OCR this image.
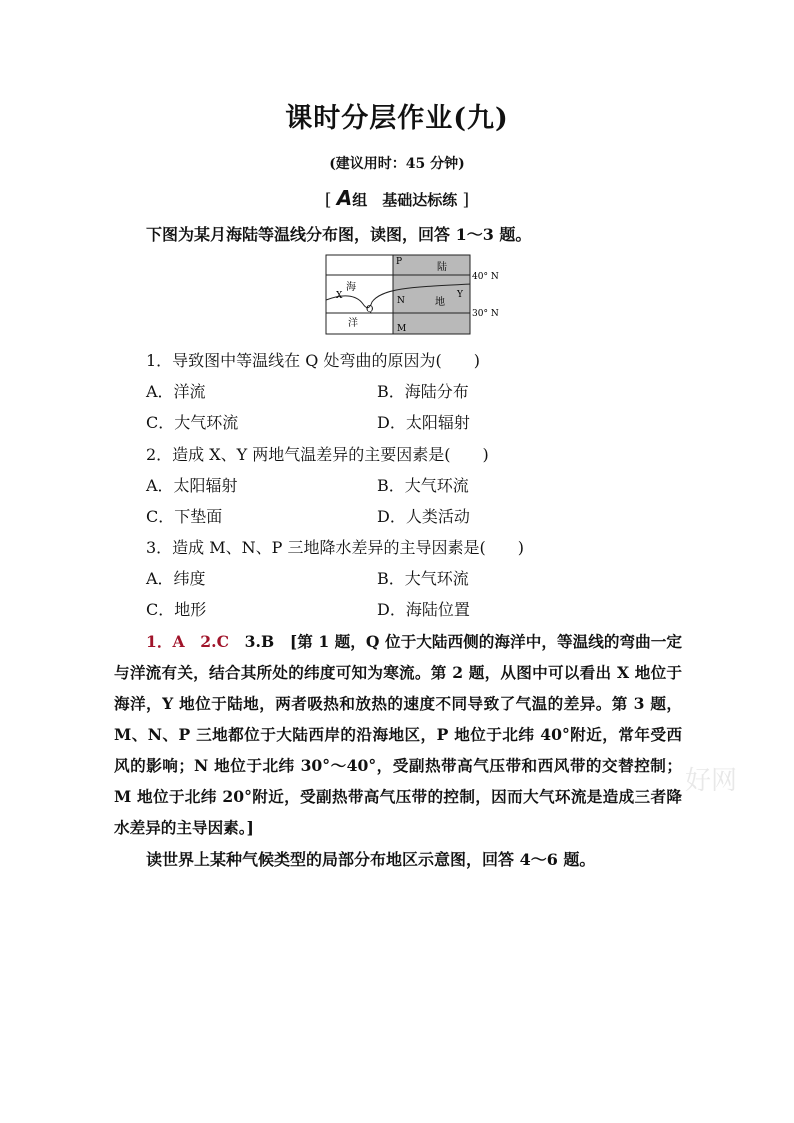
课时分层作业(九)
(建议用时：45 分钟)
[ A组　基础达标练 ]
下图为某月海陆等温线分布图，读图，回答 1～3 题。
P	陆
海
X
Q
N	地
Y
洋	M
40° N
30° N
1．导致图中等温线在 Q 处弯曲的原因为(　　)
A．洋流	B．海陆分布
C．大气环流	D．太阳辐射
2．造成 X、Y 两地气温差异的主要因素是(　　)
A．太阳辐射	B．大气环流
C．下垫面	D．人类活动
3．造成 M、N、P 三地降水差异的主导因素是(　　)
A．纬度	B．大气环流
C．地形	D．海陆位置
1．A　2.C　3.B　 [第 1 题，Q 位于大陆西侧的海洋中，等温线的弯曲一定与洋流有关，结合其所处的纬度可知为寒流。第 2 题，从图中可以看出 X 地位于海洋，Y 地位于陆地，两者吸热和放热的速度不同导致了气温的差异。第 3 题，M、N、P 三地都位于大陆西岸的沿海地区，P 地位于北纬 40°附近，常年受西风的影响；N 地位于北纬 30°～40°，受副热带高气压带和西风带的交替控制；M 地位于北纬 20°附近，受副热带高气压带的控制，因而大气环流是造成三者降水差异的主导因素。]
好网
读世界上某种气候类型的局部分布地区示意图，回答 4～6 题。
